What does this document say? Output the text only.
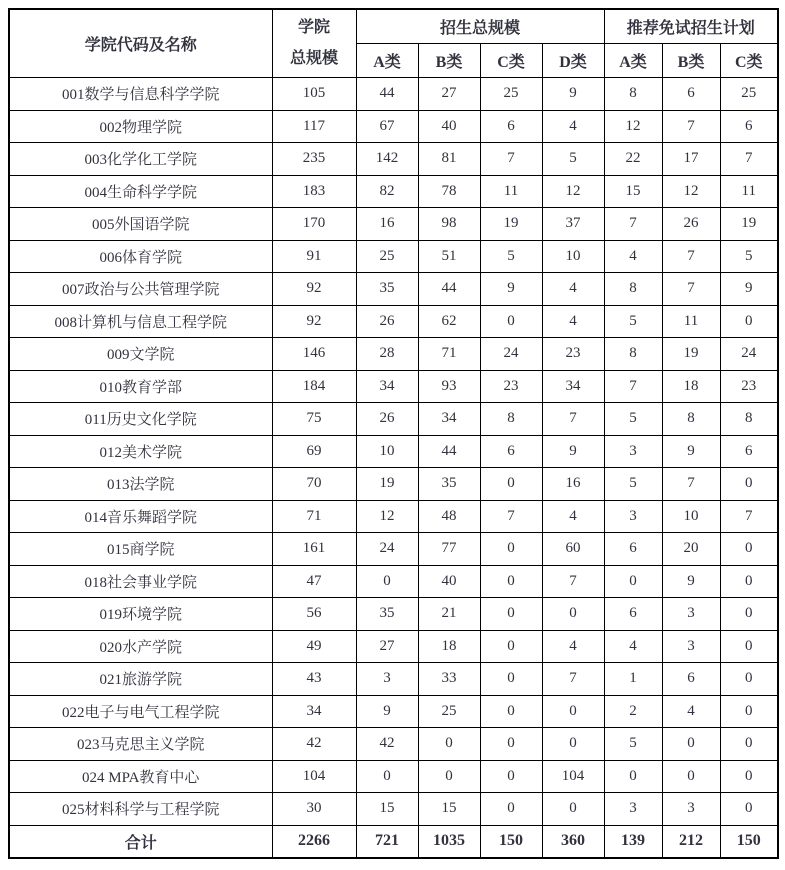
学院代码及名称	学院
总规模	招生总规模				推荐免试招生计划		
		A类	B类	C类	D类	A类	B类	C类
001数学与信息科学学院	105	44	27	25	9	8	6	25
002物理学院	117	67	40	6	4	12	7	6
003化学化工学院	235	142	81	7	5	22	17	7
004生命科学学院	183	82	78	11	12	15	12	11
005外国语学院	170	16	98	19	37	7	26	19
006体育学院	91	25	51	5	10	4	7	5
007政治与公共管理学院	92	35	44	9	4	8	7	9
008计算机与信息工程学院	92	26	62	0	4	5	11	0
009文学院	146	28	71	24	23	8	19	24
010教育学部	184	34	93	23	34	7	18	23
011历史文化学院	75	26	34	8	7	5	8	8
012美术学院	69	10	44	6	9	3	9	6
013法学院	70	19	35	0	16	5	7	0
014音乐舞蹈学院	71	12	48	7	4	3	10	7
015商学院	161	24	77	0	60	6	20	0
018社会事业学院	47	0	40	0	7	0	9	0
019环境学院	56	35	21	0	0	6	3	0
020水产学院	49	27	18	0	4	4	3	0
021旅游学院	43	3	33	0	7	1	6	0
022电子与电气工程学院	34	9	25	0	0	2	4	0
023马克思主义学院	42	42	0	0	0	5	0	0
024 MPA教育中心	104	0	0	0	104	0	0	0
025材料科学与工程学院	30	15	15	0	0	3	3	0
合计	2266	721	1035	150	360	139	212	150
